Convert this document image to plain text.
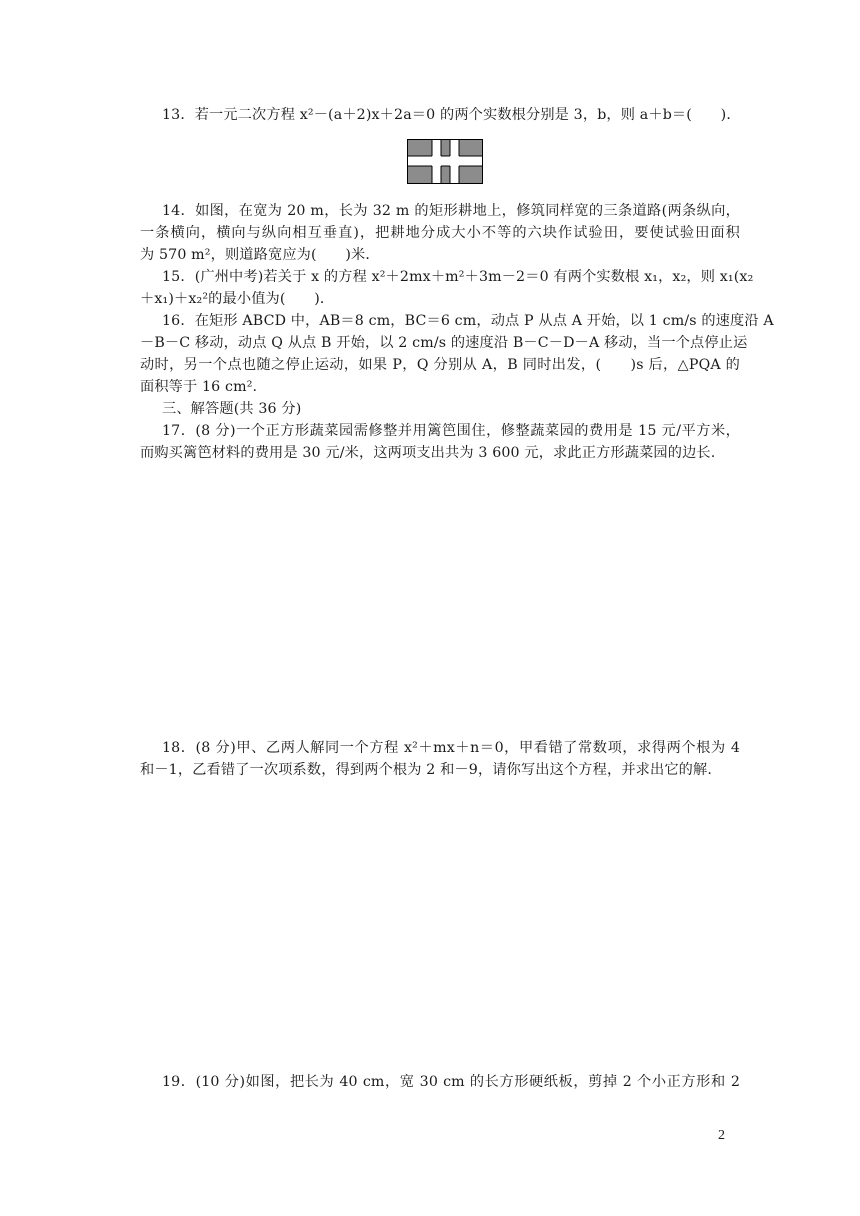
13．若一元二次方程 x²－(a＋2)x＋2a＝0 的两个实数根分别是 3，b，则 a＋b＝(　　)．
14．如图，在宽为 20 m，长为 32 m 的矩形耕地上，修筑同样宽的三条道路(两条纵向，
一条横向，横向与纵向相互垂直)，把耕地分成大小不等的六块作试验田，要使试验田面积
为 570 m²，则道路宽应为(　　)米．
15．(广州中考)若关于 x 的方程 x²＋2mx＋m²＋3m－2＝0 有两个实数根 x₁，x₂，则 x₁(x₂
＋x₁)＋x₂²的最小值为(　　)．
16．在矩形 ABCD 中，AB＝8 cm，BC＝6 cm，动点 P 从点 A 开始，以 1 cm/s 的速度沿 A
－B－C 移动，动点 Q 从点 B 开始，以 2 cm/s 的速度沿 B－C－D－A 移动，当一个点停止运
动时，另一个点也随之停止运动，如果 P，Q 分别从 A，B 同时出发，(　　)s 后，△PQA 的
面积等于 16 cm².
三、解答题(共 36 分)
17．(8 分)一个正方形蔬菜园需修整并用篱笆围住，修整蔬菜园的费用是 15 元/平方米，
而购买篱笆材料的费用是 30 元/米，这两项支出共为 3 600 元，求此正方形蔬菜园的边长.
18．(8 分)甲、乙两人解同一个方程 x²＋mx＋n＝0，甲看错了常数项，求得两个根为 4
和－1，乙看错了一次项系数，得到两个根为 2 和－9，请你写出这个方程，并求出它的解.
19．(10 分)如图，把长为 40 cm，宽 30 cm 的长方形硬纸板，剪掉 2 个小正方形和 2
2
